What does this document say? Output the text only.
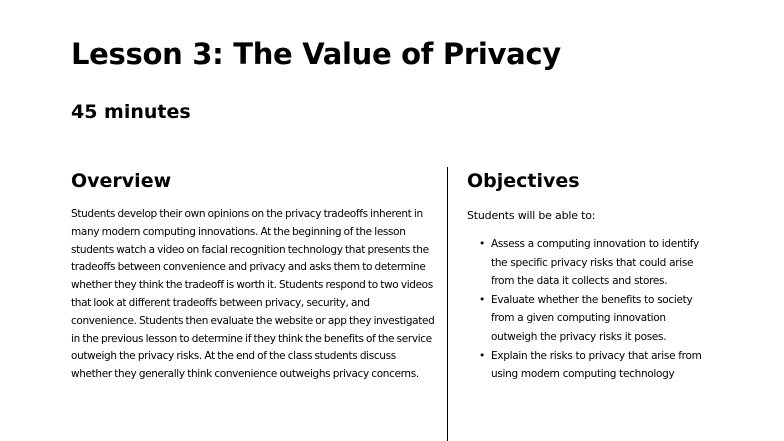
Lesson 3: The Value of Privacy
45 minutes
Overview

Students develop their own opinions on the privacy tradeoffs inherent in many modern computing innovations. At the beginning of the lesson students watch a video on facial recognition technology that presents the tradeoffs between convenience and privacy and asks them to determine whether they think the tradeoff is worth it. Students respond to two videos that look at different tradeoffs between privacy, security, and convenience. Students then evaluate the website or app they investigated in the previous lesson to determine if they think the benefits of the service outweigh the privacy risks. At the end of the class students discuss whether they generally think convenience outweighs privacy concerns.

Objectives

Students will be able to:

• Assess a computing innovation to identify the specific privacy risks that could arise from the data it collects and stores.
• Evaluate whether the benefits to society from a given computing innovation outweigh the privacy risks it poses.
• Explain the risks to privacy that arise from using modern computing technology
